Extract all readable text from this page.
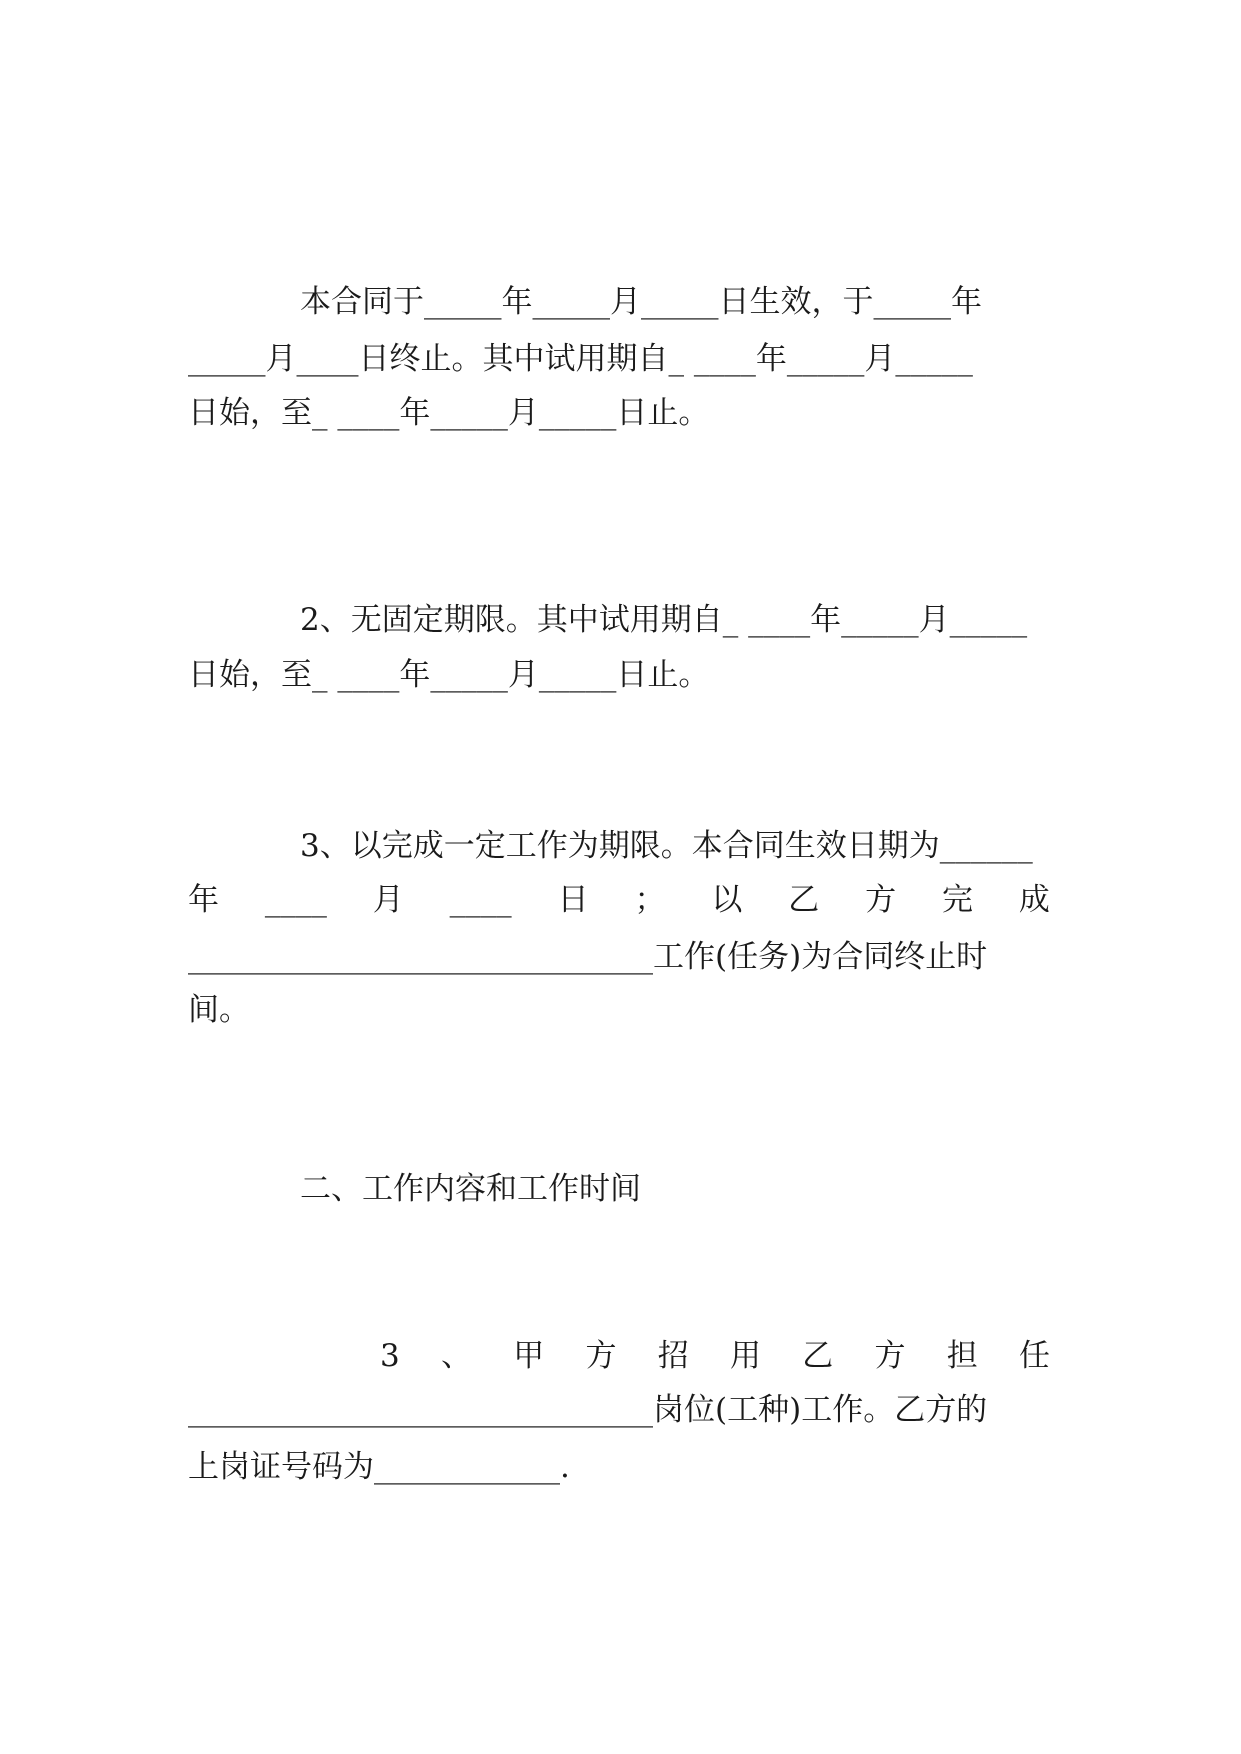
本合同于_____年_____月_____日生效，于_____年
_____月____日终止。其中试用期自_ ____年_____月_____
日始，至_ ____年_____月_____日止。
2、无固定期限。其中试用期自_ ____年_____月_____
日始，至_ ____年_____月_____日止。
3、以完成一定工作为期限。本合同生效日期为______
年 ____ 月 ____ 日 ； 以 乙 方 完 成
______________________________工作(任务)为合同终止时
间。
二、工作内容和工作时间
3 、 甲 方 招 用 乙 方 担 任
______________________________岗位(工种)工作。乙方的
上岗证号码为____________.
